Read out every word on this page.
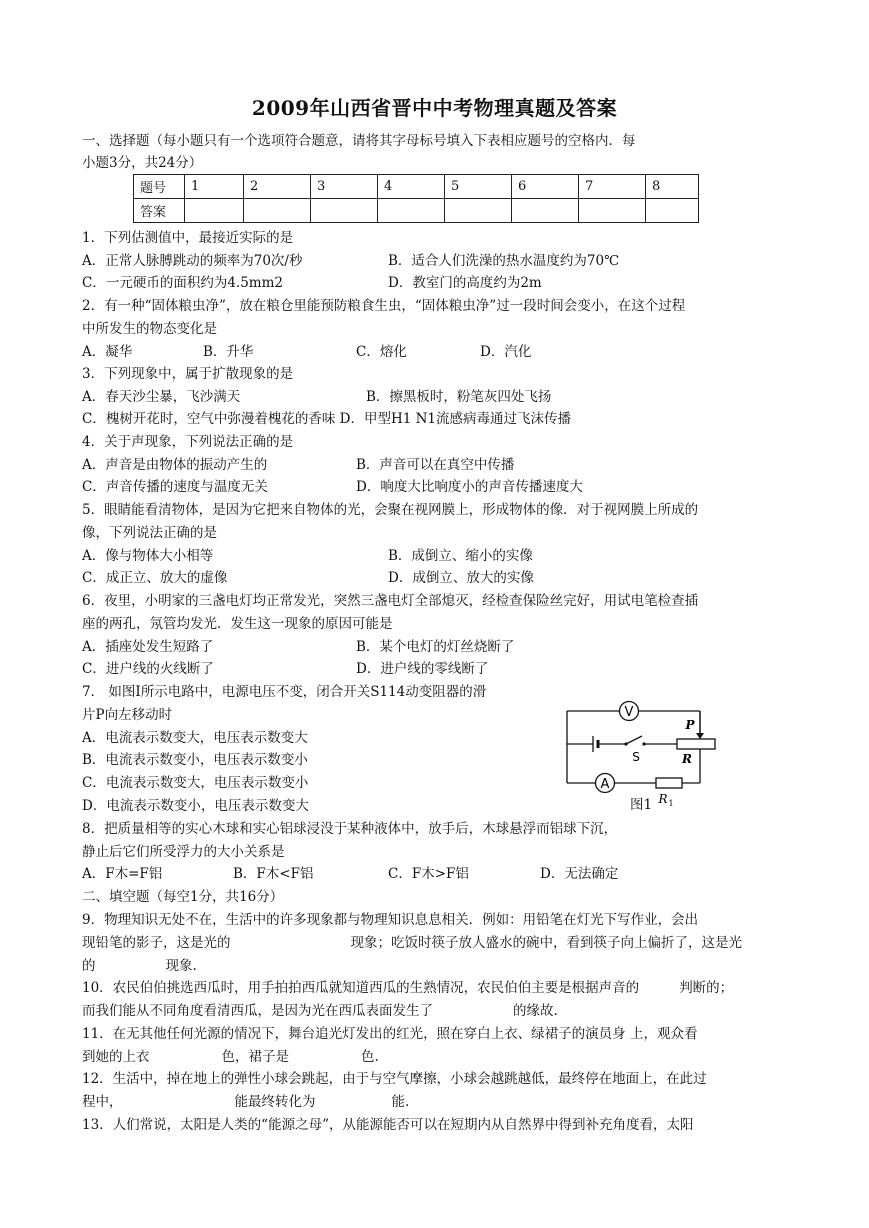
2009年山西省晋中中考物理真题及答案
一、选择题（每小题只有一个选项符合题意，请将其字母标号填入下表相应题号的空格内．每
小题3分，共24分）
题号	1	2	3	4	5	6	7	8
答案								
1．下列估测值中，最接近实际的是
A．正常人脉膊跳动的频率为70次/秒	B．适合人们洗澡的热水温度约为70℃
C．一元硬币的面积约为4.5mm2	D．教室门的高度约为2m
2．有一种“固体粮虫净”，放在粮仓里能预防粮食生虫，“固体粮虫净”过一段时间会变小，在这个过程
中所发生的物态变化是
A．凝华	B．升华	C．熔化	D．汽化
3．下列现象中，属于扩散现象的是
A．春天沙尘暴，飞沙满天	B．擦黑板时，粉笔灰四处飞扬
C．槐树开花时，空气中弥漫着槐花的香味 D．甲型H1 N1流感病毒通过飞沫传播
4．关于声现象，下列说法正确的是
A．声音是由物体的振动产生的	B．声音可以在真空中传播
C．声音传播的速度与温度无关	D．响度大比响度小的声音传播速度大
5．眼睛能看清物体，是因为它把来自物体的光，会聚在视网膜上，形成物体的像．对于视网膜上所成的
像，下列说法正确的是
A．像与物体大小相等	B．成倒立、缩小的实像
C．成正立、放大的虚像	D．成倒立、放大的实像
6．夜里，小明家的三盏电灯均正常发光，突然三盏电灯全部熄灭，经检查保险丝完好，用试电笔检查插
座的两孔，氖管均发光．发生这一现象的原因可能是
A．插座处发生短路了	B．某个电灯的灯丝烧断了
C．进户线的火线断了	D．进户线的零线断了
7． 如图I所示电路中，电源电压不变，闭合开关S114动变阻器的滑
片P向左移动时
A．电流表示数变大，电压表示数变大
B．电流表示数变小，电压表示数变小
C．电流表示数变大，电压表示数变小
D．电流表示数变小，电压表示数变大
V
S
P
R
A
R 1
图1
8．把质量相等的实心木球和实心铝球浸没于某种液体中，放手后，木球悬浮而铝球下沉，
静止后它们所受浮力的大小关系是
A．F木=F铝	B．F木<F铝	C．F木>F铝	D．无法确定
二、填空题（每空1分，共16分）
9．物理知识无处不在，生活中的许多现象都与物理知识息息相关．例如：用铅笔在灯光下写作业，会出
现铅笔的影子，这是光的	现象；吃饭时筷子放人盛水的碗中，看到筷子向上偏折了，这是光
的	现象.
10．农民伯伯挑选西瓜时，用手拍拍西瓜就知道西瓜的生熟情况，农民伯伯主要是根据声音的	判断的；
而我们能从不同角度看清西瓜，是因为光在西瓜表面发生了	的缘故.
11．在无其他任何光源的情况下，舞台追光灯发出的红光，照在穿白上衣、绿裙子的演员身 上，观众看
到她的上衣	色，裙子是	色.
12．生活中，掉在地上的弹性小球会跳起，由于与空气摩擦，小球会越跳越低，最终停在地面上，在此过
程中，	能最终转化为	能.
13．人们常说，太阳是人类的“能源之母”，从能源能否可以在短期内从自然界中得到补充角度看，太阳
